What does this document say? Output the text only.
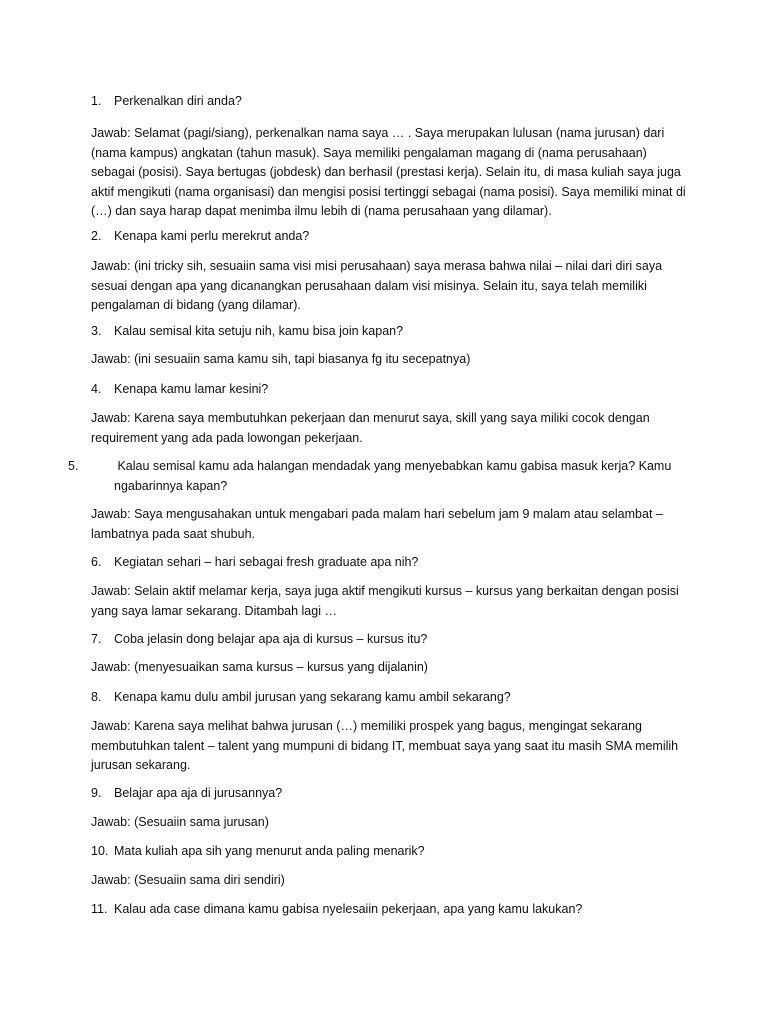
1. Perkenalkan diri anda?

Jawab: Selamat (pagi/siang), perkenalkan nama saya … . Saya merupakan lulusan (nama jurusan) dari (nama kampus) angkatan (tahun masuk). Saya memiliki pengalaman magang di (nama perusahaan) sebagai (posisi). Saya bertugas (jobdesk) dan berhasil (prestasi kerja). Selain itu, di masa kuliah saya juga aktif mengikuti (nama organisasi) dan mengisi posisi tertinggi sebagai (nama posisi). Saya memiliki minat di (…) dan saya harap dapat menimba ilmu lebih di (nama perusahaan yang dilamar).

2. Kenapa kami perlu merekrut anda?

Jawab: (ini tricky sih, sesuaiin sama visi misi perusahaan) saya merasa bahwa nilai – nilai dari diri saya sesuai dengan apa yang dicanangkan perusahaan dalam visi misinya. Selain itu, saya telah memiliki pengalaman di bidang (yang dilamar).

3. Kalau semisal kita setuju nih, kamu bisa join kapan?

Jawab: (ini sesuaiin sama kamu sih, tapi biasanya fg itu secepatnya)

4. Kenapa kamu lamar kesini?

Jawab: Karena saya membutuhkan pekerjaan dan menurut saya, skill yang saya miliki cocok dengan requirement yang ada pada lowongan pekerjaan.

5.	Kalau semisal kamu ada halangan mendadak yang menyebabkan kamu gabisa masuk kerja? Kamu ngabarinnya kapan?

Jawab: Saya mengusahakan untuk mengabari pada malam hari sebelum jam 9 malam atau selambat – lambatnya pada saat shubuh.

6. Kegiatan sehari – hari sebagai fresh graduate apa nih?

Jawab: Selain aktif melamar kerja, saya juga aktif mengikuti kursus – kursus yang berkaitan dengan posisi yang saya lamar sekarang. Ditambah lagi …

7. Coba jelasin dong belajar apa aja di kursus – kursus itu?

Jawab: (menyesuaikan sama kursus – kursus yang dijalanin)

8. Kenapa kamu dulu ambil jurusan yang sekarang kamu ambil sekarang?

Jawab: Karena saya melihat bahwa jurusan (…) memiliki prospek yang bagus, mengingat sekarang membutuhkan talent – talent yang mumpuni di bidang IT, membuat saya yang saat itu masih SMA memilih jurusan sekarang.

9. Belajar apa aja di jurusannya?

Jawab: (Sesuaiin sama jurusan)

10. Mata kuliah apa sih yang menurut anda paling menarik?

Jawab: (Sesuaiin sama diri sendiri)

11. Kalau ada case dimana kamu gabisa nyelesaiin pekerjaan, apa yang kamu lakukan?
